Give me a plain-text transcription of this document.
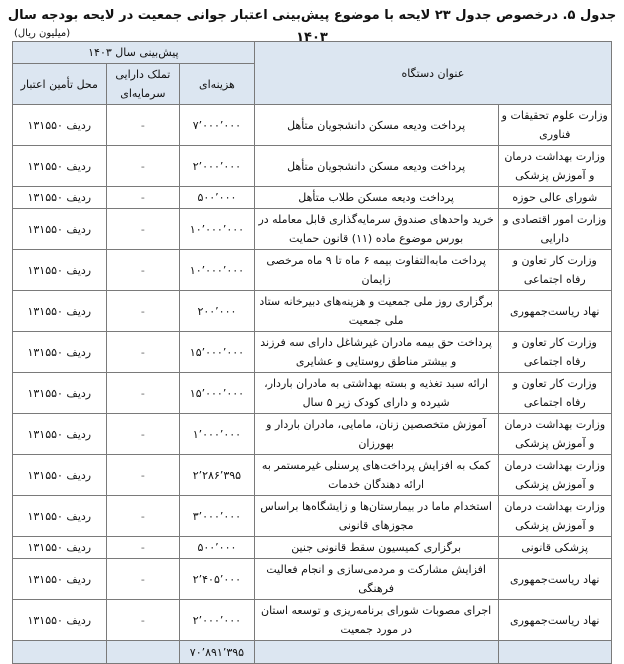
جدول ۵. درخصوص جدول ۲۳ لایحه با موضوع پیش‌بینی اعتبار جوانی جمعیت در لایحه بودجه سال ۱۴۰۳
(میلیون ریال)
عنوان دستگاه		پیش‌بینی سال ۱۴۰۳		
		هزینه‌ای	تملک دارایی سرمایه‌ای	محل تأمین اعتبار
وزارت علوم تحقیقات و فناوری	پرداخت ودیعه مسکن دانشجویان متأهل	۷٬۰۰۰٬۰۰۰	-	ردیف ۱۳۱۵۵۰
وزارت بهداشت درمان و آموزش پزشکی	پرداخت ودیعه مسکن دانشجویان متأهل	۲٬۰۰۰٬۰۰۰	-	ردیف ۱۳۱۵۵۰
شورای عالی حوزه	پرداخت ودیعه مسکن طلاب متأهل	۵۰۰٬۰۰۰	-	ردیف ۱۳۱۵۵۰
وزارت امور اقتصادی و دارایی	خرید واحدهای صندوق سرمایه‌گذاری قابل معامله در بورس موضوع ماده (۱۱) قانون حمایت	۱۰٬۰۰۰٬۰۰۰	-	ردیف ۱۳۱۵۵۰
وزارت کار تعاون و رفاه اجتماعی	پرداخت مابه‌التفاوت بیمه ۶ ماه تا ۹ ماه مرخصی زایمان	۱۰٬۰۰۰٬۰۰۰	-	ردیف ۱۳۱۵۵۰
نهاد ریاست‌جمهوری	برگزاری روز ملی جمعیت و هزینه‌های دبیرخانه ستاد ملی جمعیت	۲۰۰٬۰۰۰	-	ردیف ۱۳۱۵۵۰
وزارت کار تعاون و رفاه اجتماعی	پرداخت حق بیمه مادران غیرشاغل دارای سه فرزند و بیشتر مناطق روستایی و عشایری	۱۵٬۰۰۰٬۰۰۰	-	ردیف ۱۳۱۵۵۰
وزارت کار تعاون و رفاه اجتماعی	ارائه سبد تغذیه و بسته بهداشتی به مادران باردار، شیرده و دارای کودک زیر ۵ سال	۱۵٬۰۰۰٬۰۰۰	-	ردیف ۱۳۱۵۵۰
وزارت بهداشت درمان و آموزش پزشکی	آموزش متخصصین زنان، مامایی، مادران باردار و بهورزان	۱٬۰۰۰٬۰۰۰	-	ردیف ۱۳۱۵۵۰
وزارت بهداشت درمان و آموزش پزشکی	کمک به افزایش پرداخت‌های پرسنلی غیرمستمر به ارائه دهندگان خدمات	۲٬۲۸۶٬۳۹۵	-	ردیف ۱۳۱۵۵۰
وزارت بهداشت درمان و آموزش پزشکی	استخدام ماما در بیمارستان‌ها و زایشگاه‌ها براساس مجوزهای قانونی	۳٬۰۰۰٬۰۰۰	-	ردیف ۱۳۱۵۵۰
پزشکی قانونی	برگزاری کمیسیون سقط قانونی جنین	۵۰۰٬۰۰۰	-	ردیف ۱۳۱۵۵۰
نهاد ریاست‌جمهوری	افزایش مشارکت و مردمی‌سازی و انجام فعالیت فرهنگی	۲٬۴۰۵٬۰۰۰	-	ردیف ۱۳۱۵۵۰
نهاد ریاست‌جمهوری	اجرای مصوبات شورای برنامه‌ریزی و توسعه استان در مورد جمعیت	۲٬۰۰۰٬۰۰۰	-	ردیف ۱۳۱۵۵۰
		۷۰٬۸۹۱٬۳۹۵		
